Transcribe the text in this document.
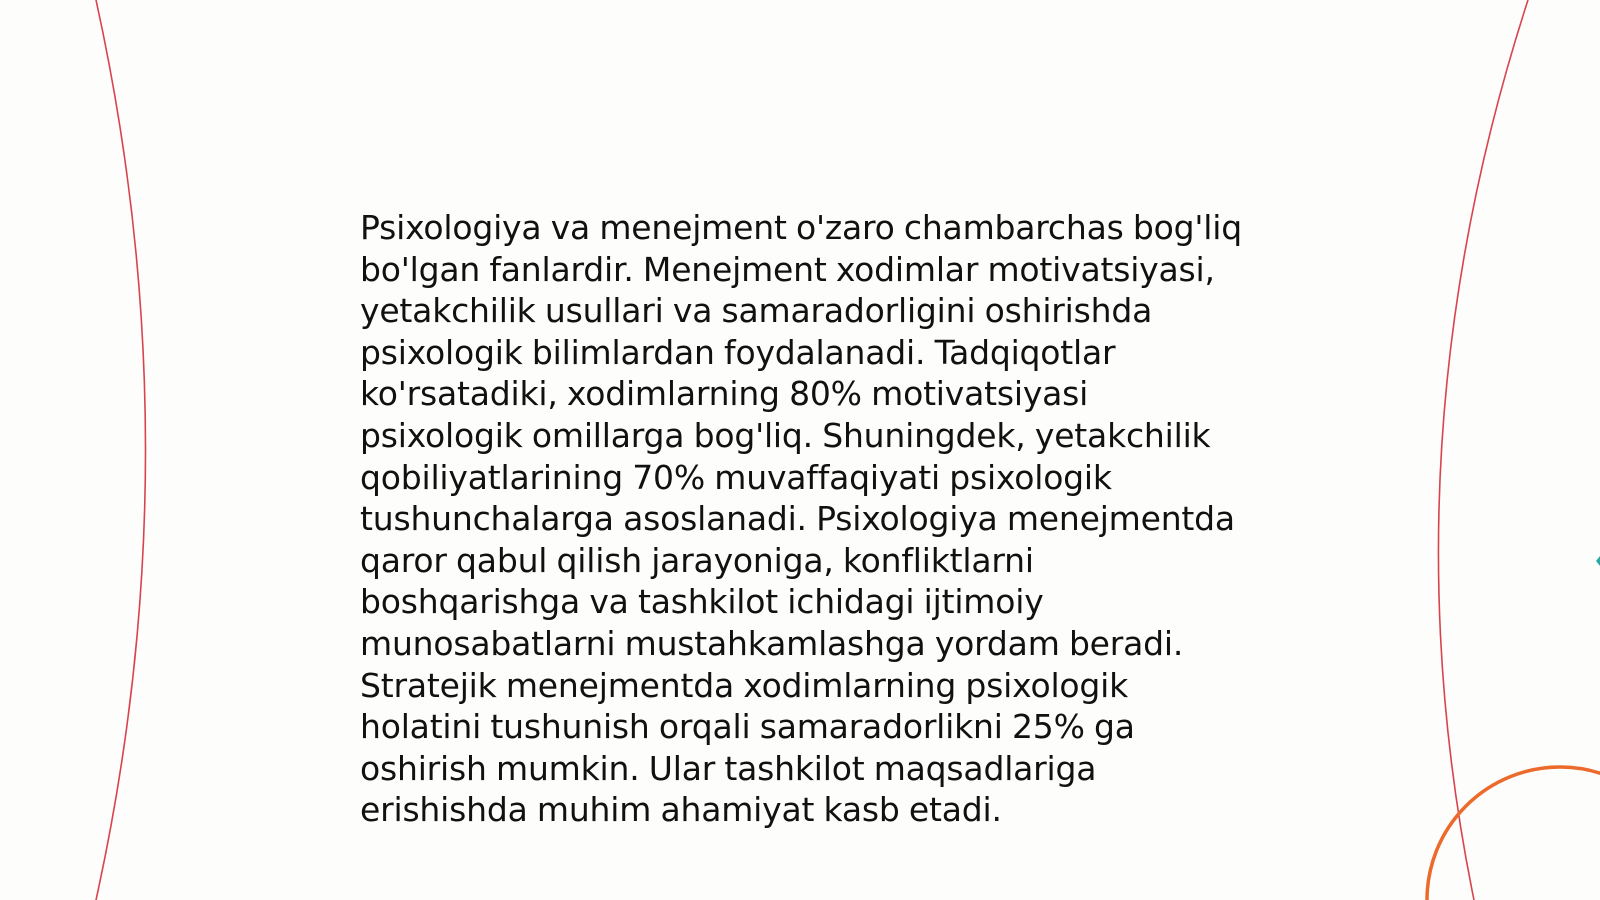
Psixologiya va menejment o'zaro chambarchas bog'liq
bo'lgan fanlardir. Menejment xodimlar motivatsiyasi,
yetakchilik usullari va samaradorligini oshirishda
psixologik bilimlardan foydalanadi. Tadqiqotlar
ko'rsatadiki, xodimlarning 80% motivatsiyasi
psixologik omillarga bog'liq. Shuningdek, yetakchilik
qobiliyatlarining 70% muvaffaqiyati psixologik
tushunchalarga asoslanadi. Psixologiya menejmentda
qaror qabul qilish jarayoniga, konfliktlarni
boshqarishga va tashkilot ichidagi ijtimoiy
munosabatlarni mustahkamlashga yordam beradi.
Stratejik menejmentda xodimlarning psixologik
holatini tushunish orqali samaradorlikni 25% ga
oshirish mumkin. Ular tashkilot maqsadlariga
erishishda muhim ahamiyat kasb etadi.
